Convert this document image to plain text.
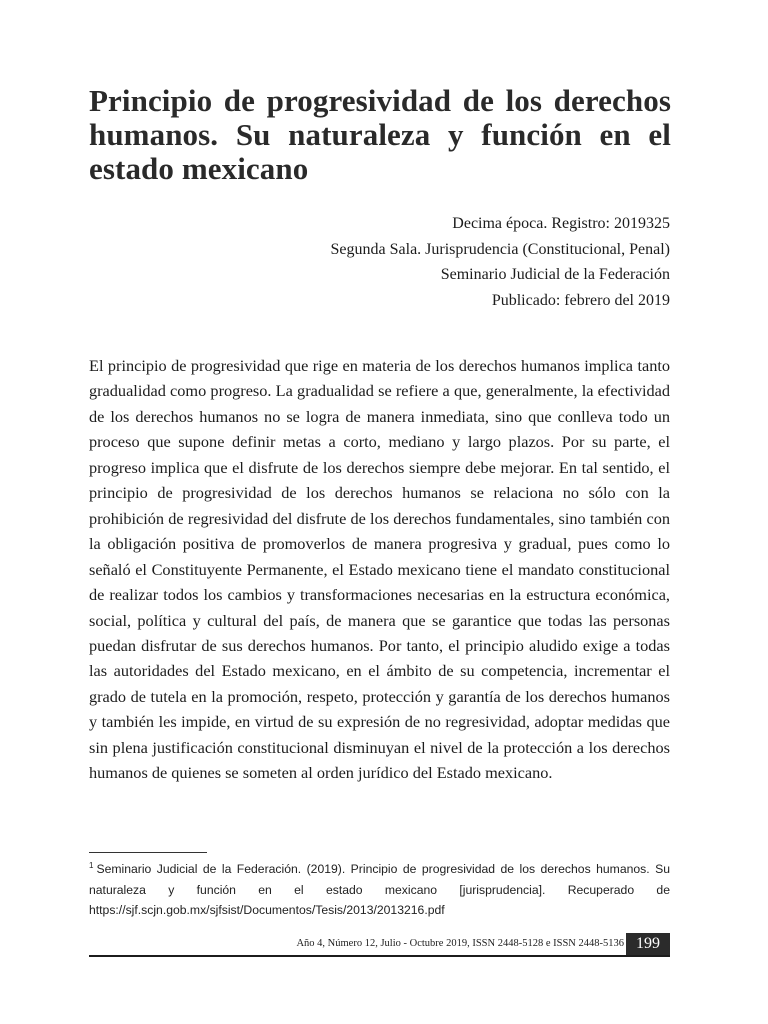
Principio de progresividad de los derechos humanos. Su naturaleza y función en el estado mexicano
Decima época. Registro: 2019325
Segunda Sala. Jurisprudencia (Constitucional, Penal)
Seminario Judicial de la Federación
Publicado: febrero del 2019

El principio de progresividad que rige en materia de los derechos humanos implica tanto gradualidad como progreso. La gradualidad se refiere a que, generalmente, la efectividad de los derechos humanos no se logra de manera inmediata, sino que conlleva todo un proceso que supone definir metas a corto, mediano y largo plazos. Por su parte, el progreso implica que el disfrute de los derechos siempre debe mejorar. En tal sentido, el principio de progresividad de los derechos humanos se relaciona no sólo con la prohibición de regresividad del disfrute de los derechos fundamentales, sino también con la obligación positiva de promoverlos de manera progresiva y gradual, pues como lo señaló el Constituyente Permanente, el Estado mexicano tiene el mandato constitucional de realizar todos los cambios y transformaciones necesarias en la estructura económica, social, política y cultural del país, de manera que se garantice que todas las personas puedan disfrutar de sus derechos humanos. Por tanto, el principio aludido exige a todas las autoridades del Estado mexicano, en el ámbito de su competencia, incrementar el grado de tutela en la promoción, respeto, protección y garantía de los derechos humanos y también les impide, en virtud de su expresión de no regresividad, adoptar medidas que sin plena justificación constitucional disminuyan el nivel de la protección a los derechos humanos de quienes se someten al orden jurídico del Estado mexicano.

$^1$ Seminario Judicial de la Federación. (2019). Principio de progresividad de los derechos humanos. Su naturaleza y función en el estado mexicano [jurisprudencia]. Recuperado de https://sjf.scjn.gob.mx/sjfsist/Documentos/Tesis/2013/2013216.pdf

Año 4, Número 12, Julio - Octubre 2019, ISSN 2448-5128 e ISSN 2448-5136 199
